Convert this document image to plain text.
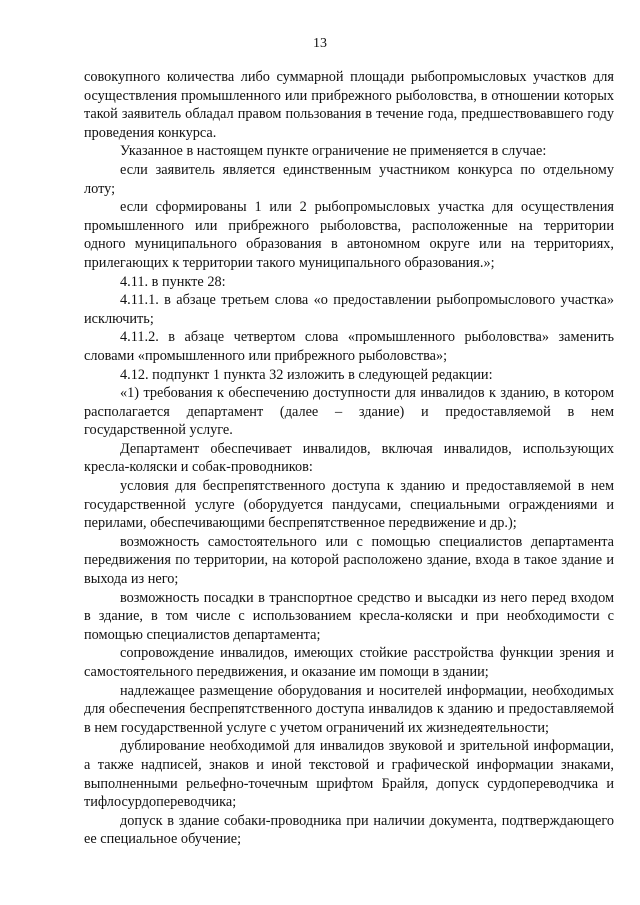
13

совокупного количества либо суммарной площади рыбопромысловых участков для осуществления промышленного или прибрежного рыболовства, в отношении которых такой заявитель обладал правом пользования в течение года, предшествовавшего году проведения конкурса.

Указанное в настоящем пункте ограничение не применяется в случае:

если заявитель является единственным участником конкурса по отдельному лоту;

если сформированы 1 или 2 рыбопромысловых участка для осуществления промышленного или прибрежного рыболовства, расположенные на территории одного муниципального образования в автономном округе или на территориях, прилегающих к территории такого муниципального образования.»;

4.11. в пункте 28:

4.11.1. в абзаце третьем слова «о предоставлении рыбопромыслового участка» исключить;

4.11.2. в абзаце четвертом слова «промышленного рыболовства» заменить словами «промышленного или прибрежного рыболовства»;

4.12. подпункт 1 пункта 32 изложить в следующей редакции:

«1) требования к обеспечению доступности для инвалидов к зданию, в котором располагается департамент (далее – здание) и предоставляемой в нем государственной услуге.

Департамент обеспечивает инвалидов, включая инвалидов, использующих кресла-коляски и собак-проводников:

условия для беспрепятственного доступа к зданию и предоставляемой в нем государственной услуге (оборудуется пандусами, специальными ограждениями и перилами, обеспечивающими беспрепятственное передвижение и др.);

возможность самостоятельного или с помощью специалистов департамента передвижения по территории, на которой расположено здание, входа в такое здание и выхода из него;

возможность посадки в транспортное средство и высадки из него перед входом в здание, в том числе с использованием кресла-коляски и при необходимости с помощью специалистов департамента;

сопровождение инвалидов, имеющих стойкие расстройства функции зрения и самостоятельного передвижения, и оказание им помощи в здании;

надлежащее размещение оборудования и носителей информации, необходимых для обеспечения беспрепятственного доступа инвалидов к зданию и предоставляемой в нем государственной услуге с учетом ограничений их жизнедеятельности;

дублирование необходимой для инвалидов звуковой и зрительной информации, а также надписей, знаков и иной текстовой и графической информации знаками, выполненными рельефно-точечным шрифтом Брайля, допуск сурдопереводчика и тифлосурдопереводчика;

допуск в здание собаки-проводника при наличии документа, подтверждающего ее специальное обучение;
